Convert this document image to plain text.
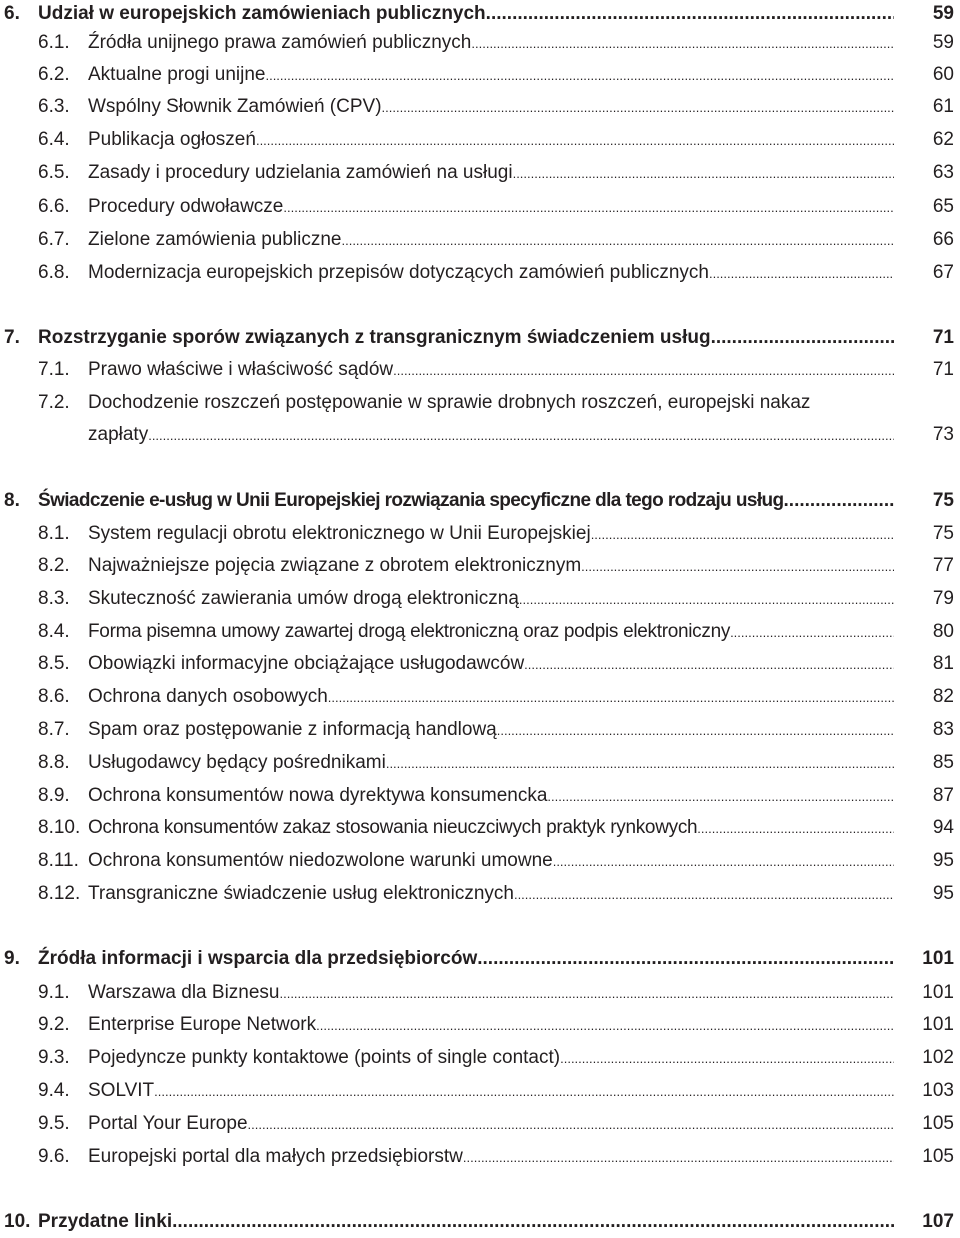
6. Udział w europejskich zamówieniach publicznych .....	59
6.1. Źródła unijnego prawa zamówień publicznych .....	59
6.2. Aktualne progi unijne .....	60
6.3. Wspólny Słownik Zamówień (CPV) .....	61
6.4. Publikacja ogłoszeń .....	62
6.5. Zasady i procedury udzielania zamówień na usługi .....	63
6.6. Procedury odwoławcze .....	65
6.7. Zielone zamówienia publiczne .....	66
6.8. Modernizacja europejskich przepisów dotyczących zamówień publicznych .....	67
7. Rozstrzyganie sporów związanych z transgranicznym świadczeniem usług .....	71
7.1. Prawo właściwe i właściwość sądów .....	71
7.2. Dochodzenie roszczeń postępowanie w sprawie drobnych roszczeń, europejski nakaz
zapłaty .....	73
8. Świadczenie e-usług w Unii Europejskiej rozwiązania specyficzne dla tego rodzaju usług .....	75
8.1. System regulacji obrotu elektronicznego w Unii Europejskiej .....	75
8.2. Najważniejsze pojęcia związane z obrotem elektronicznym .....	77
8.3. Skuteczność zawierania umów drogą elektroniczną .....	79
8.4. Forma pisemna umowy zawartej drogą elektroniczną oraz podpis elektroniczny .....	80
8.5. Obowiązki informacyjne obciążające usługodawców .....	81
8.6. Ochrona danych osobowych .....	82
8.7. Spam oraz postępowanie z informacją handlową .....	83
8.8. Usługodawcy będący pośrednikami .....	85
8.9. Ochrona konsumentów nowa dyrektywa konsumencka .....	87
8.10. Ochrona konsumentów zakaz stosowania nieuczciwych praktyk rynkowych .....	94
8.11. Ochrona konsumentów niedozwolone warunki umowne .....	95
8.12. Transgraniczne świadczenie usług elektronicznych .....	95
9. Źródła informacji i wsparcia dla przedsiębiorców .....	101
9.1. Warszawa dla Biznesu .....	101
9.2. Enterprise Europe Network .....	101
9.3. Pojedyncze punkty kontaktowe (points of single contact) .....	102
9.4. SOLVIT .....	103
9.5. Portal Your Europe .....	105
9.6. Europejski portal dla małych przedsiębiorstw .....	105
10. Przydatne linki .....	107
